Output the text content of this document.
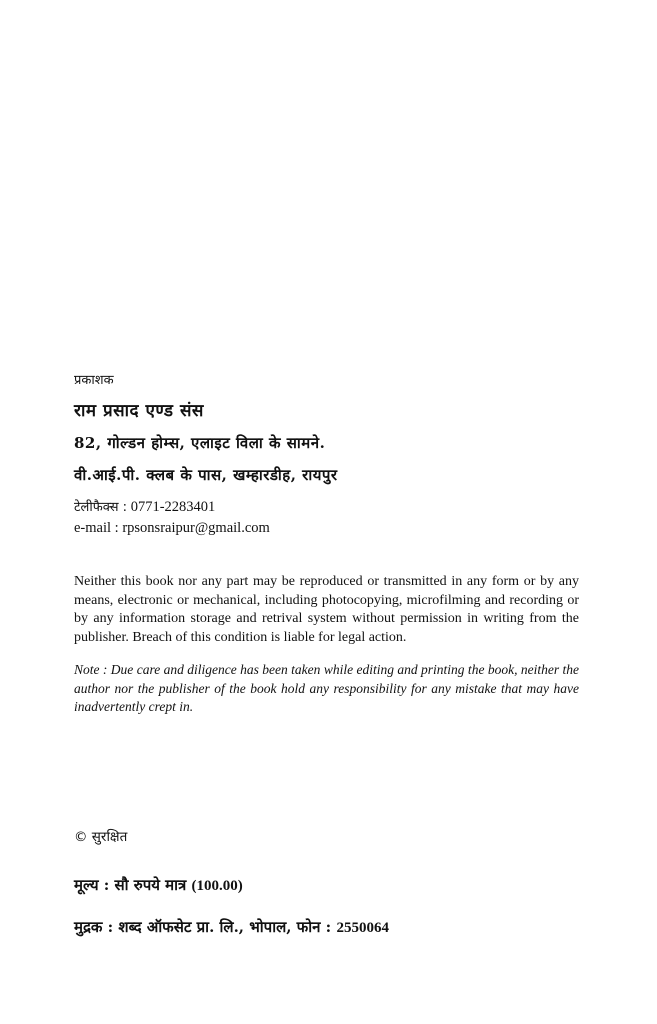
प्रकाशक

राम प्रसाद एण्ड संस

82, गोल्डन होम्स, एलाइट विला के सामने.

वी.आई.पी. क्लब के पास, खम्हारडीह, रायपुर

टेलीफैक्स : 0771-2283401

e-mail : rpsonsraipur@gmail.com

Neither this book nor any part may be reproduced or transmitted in any form or by any means, electronic or mechanical, including photocopying, microfilming and recording or by any information storage and retrival system without permission in writing from the publisher. Breach of this condition is liable for legal action.

Note : Due care and diligence has been taken while editing and printing the book, neither the author nor the publisher of the book hold any responsibility for any mistake that may have inadvertently crept in.

© सुरक्षित

मूल्य : सौ रुपये मात्र (100.00)

मुद्रक : शब्द ऑफसेट प्रा. लि., भोपाल, फोन : 2550064
